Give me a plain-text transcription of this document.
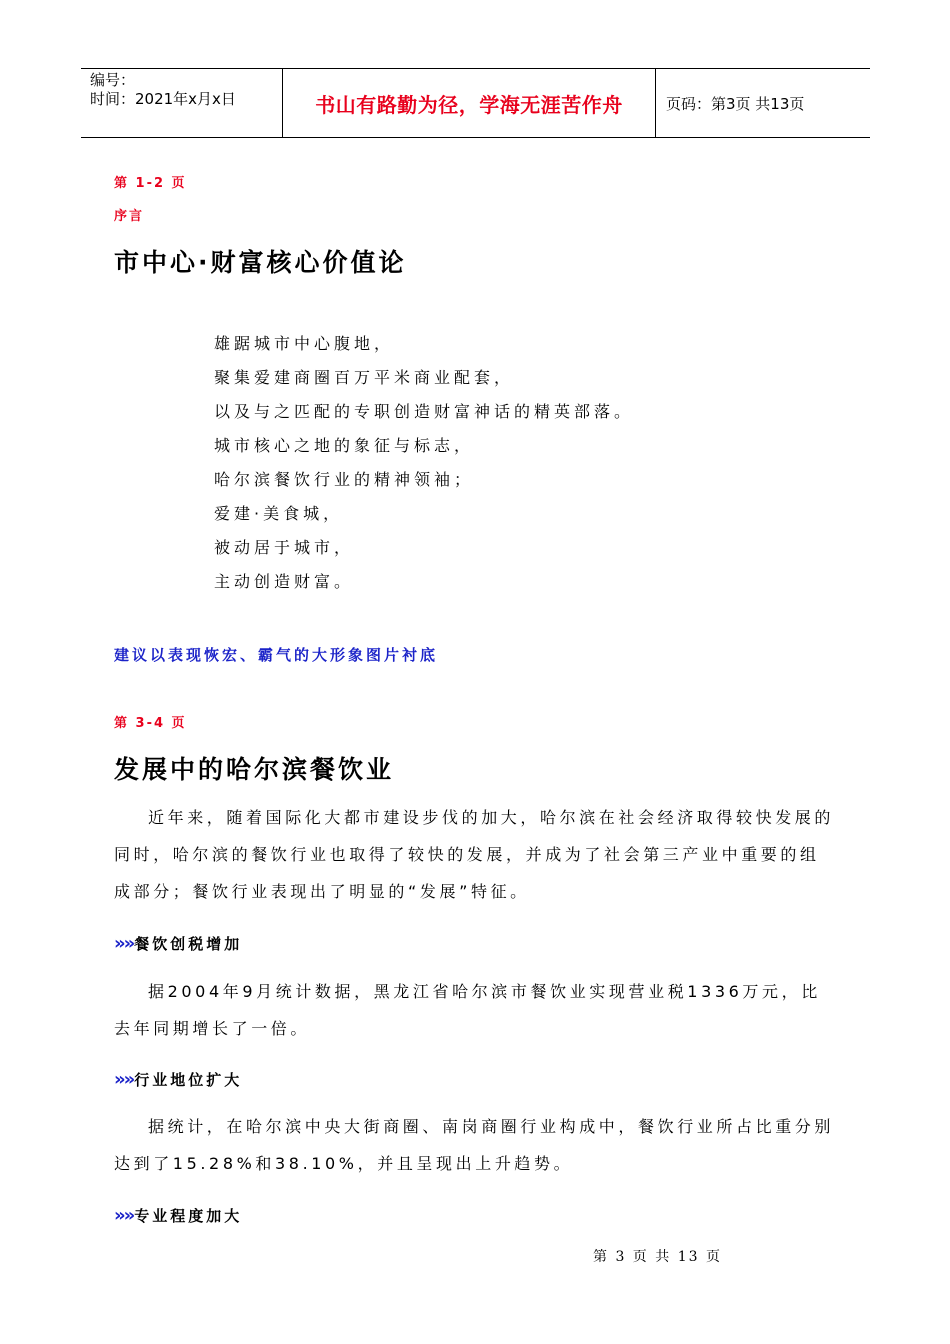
编号：
时间：2021年x月x日	书山有路勤为径，学海无涯苦作舟	页码：第3页 共13页
第 1-2 页
序言
市中心·财富核心价值论
雄踞城市中心腹地，
聚集爱建商圈百万平米商业配套，
以及与之匹配的专职创造财富神话的精英部落。
城市核心之地的象征与标志，
哈尔滨餐饮行业的精神领袖；
爱建·美食城，
被动居于城市，
主动创造财富。
建议以表现恢宏、霸气的大形象图片衬底
第 3-4 页
发展中的哈尔滨餐饮业
近年来，随着国际化大都市建设步伐的加大，哈尔滨在社会经济取得较快发展的同时，哈尔滨的餐饮行业也取得了较快的发展，并成为了社会第三产业中重要的组成部分；餐饮行业表现出了明显的“发展”特征。
»» 餐饮创税增加
据2004年9月统计数据，黑龙江省哈尔滨市餐饮业实现营业税1336万元，比去年同期增长了一倍。
»» 行业地位扩大
据统计，在哈尔滨中央大街商圈、南岗商圈行业构成中，餐饮行业所占比重分别达到了15.28%和38.10%，并且呈现出上升趋势。
»» 专业程度加大
第 3 页 共 13 页
